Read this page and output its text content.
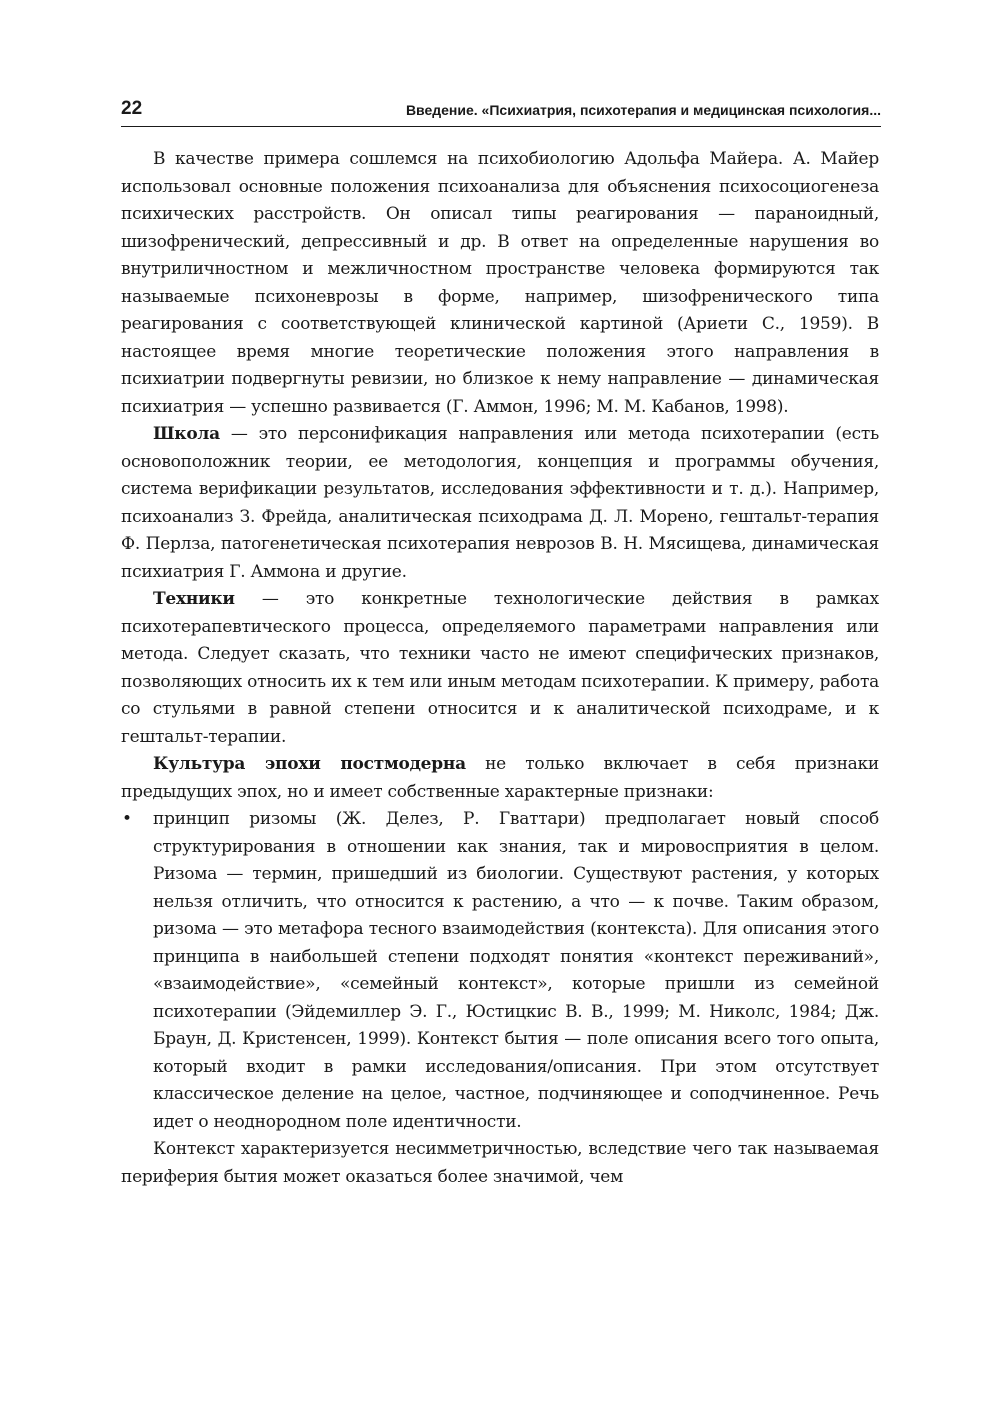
22	Введение. «Психиатрия, психотерапия и медицинская психология...

В качестве примера сошлемся на психобиологию Адольфа Майера. А. Майер использовал основные положения психоанализа для объяснения психосоциогенеза психических расстройств. Он описал типы реагирования — параноидный, шизофренический, депрессивный и др. В ответ на определенные нарушения во внутриличностном и межличностном пространстве человека формируются так называемые психоневрозы в форме, например, шизофренического типа реагирования с соответствующей клинической картиной (Ариети С., 1959). В настоящее время многие теоретические положения этого направления в психиатрии подвергнуты ревизии, но близкое к нему направление — динамическая психиатрия — успешно развивается (Г. Аммон, 1996; М. М. Кабанов, 1998).

Школа — это персонификация направления или метода психотерапии (есть основоположник теории, ее методология, концепция и программы обучения, система верификации результатов, исследования эффективности и т. д.). Например, психоанализ З. Фрейда, аналитическая психодрама Д. Л. Морено, гештальт-терапия Ф. Перлза, патогенетическая психотерапия неврозов В. Н. Мясищева, динамическая психиатрия Г. Аммона и другие.

Техники — это конкретные технологические действия в рамках психотерапевтического процесса, определяемого параметрами направления или метода. Следует сказать, что техники часто не имеют специфических признаков, позволяющих относить их к тем или иным методам психотерапии. К примеру, работа со стульями в равной степени относится и к аналитической психодраме, и к гештальт-терапии.

Культура эпохи постмодерна не только включает в себя признаки предыдущих эпох, но и имеет собственные характерные признаки:

• принцип ризомы (Ж. Делез, Р. Гваттари) предполагает новый способ структурирования в отношении как знания, так и мировосприятия в целом. Ризома — термин, пришедший из биологии. Существуют растения, у которых нельзя отличить, что относится к растению, а что — к почве. Таким образом, ризома — это метафора тесного взаимодействия (контекста). Для описания этого принципа в наибольшей степени подходят понятия «контекст переживаний», «взаимодействие», «семейный контекст», которые пришли из семейной психотерапии (Эйдемиллер Э. Г., Юстицкис В. В., 1999; М. Николс, 1984; Дж. Браун, Д. Кристенсен, 1999). Контекст бытия — поле описания всего того опыта, который входит в рамки исследования/описания. При этом отсутствует классическое деление на целое, частное, подчиняющее и соподчиненное. Речь идет о неоднородном поле идентичности.

Контекст характеризуется несимметричностью, вследствие чего так называемая периферия бытия может оказаться более значимой, чем
